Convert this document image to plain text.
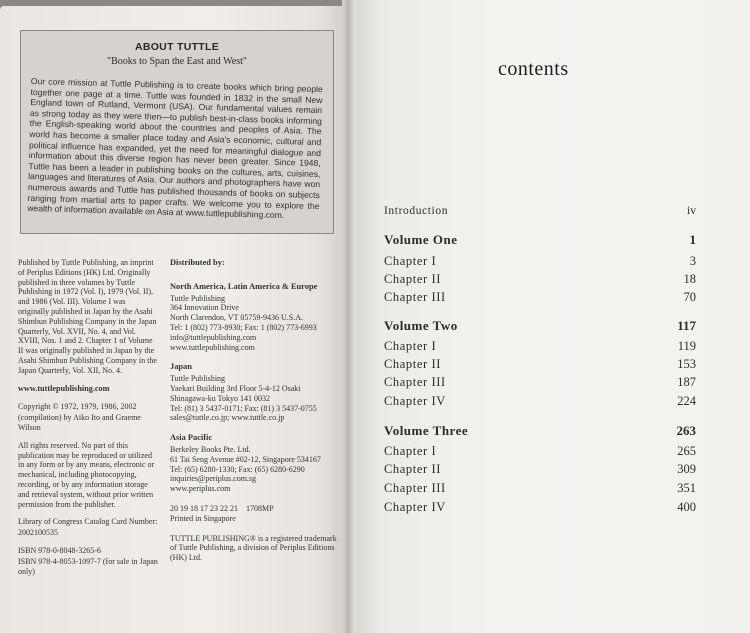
ABOUT TUTTLE
"Books to Span the East and West"
Our core mission at Tuttle Publishing is to create books which bring people together one page at a time. Tuttle was founded in 1832 in the small New England town of Rutland, Vermont (USA). Our fundamental values remain as strong today as they were then—to publish best-in-class books informing the English-speaking world about the countries and peoples of Asia. The world has become a smaller place today and Asia's economic, cultural and political influence has expanded, yet the need for meaningful dialogue and information about this diverse region has never been greater. Since 1948, Tuttle has been a leader in publishing books on the cultures, arts, cuisines, languages and literatures of Asia. Our authors and photographers have won numerous awards and Tuttle has published thousands of books on subjects ranging from martial arts to paper crafts. We welcome you to explore the wealth of information available on Asia at www.tuttlepublishing.com.

Published by Tuttle Publishing, an imprint of Periplus Editions (HK) Ltd. Originally published in three volumes by Tuttle Publishing in 1972 (Vol. I), 1979 (Vol. II), and 1986 (Vol. III). Volume I was originally published in Japan by the Asahi Shimbun Publishing Company in the Japan Quarterly, Vol. XVII, No. 4, and Vol. XVIII, Nos. 1 and 2. Chapter 1 of Volume II was originally published in Japan by the Asahi Shimbun Publishing Company in the Japan Quarterly, Vol. XII, No. 4.

www.tuttlepublishing.com

Copyright © 1972, 1979, 1986, 2002

(compilation) by Aiko Ito and Graeme Wilson

All rights reserved. No part of this publication may be reproduced or utilized in any form or by any means, electronic or mechanical, including photocopying, recording, or by any information storage and retrieval system, without prior written permission from the publisher.

Library of Congress Catalog Card Number:

2002100535

ISBN 978-0-8048-3265-6

ISBN 978-4-8053-1097-7 (for sale in Japan only)

Distributed by:
North America, Latin America & Europe
Tuttle Publishing
364 Innovation Drive
North Clarendon, VT 05759-9436 U.S.A.
Tel: 1 (802) 773-8930; Fax: 1 (802) 773-6993
info@tuttlepublishing.com
www.tuttlepublishing.com
Japan
Tuttle Publishing
Yaekari Building 3rd Floor 5-4-12 Osaki
Shinagawa-ku Tokyo 141 0032
Tel: (81) 3 5437-0171; Fax: (81) 3 5437-0755
sales@tuttle.co.jp; www.tuttle.co.jp
Asia Pacific
Berkeley Books Pte. Ltd.
61 Tai Seng Avenue #02-12, Singapore 534167
Tel: (65) 6280-1330; Fax: (65) 6280-6290
inquiries@periplus.com.sg
www.periplus.com
20 19 18 17 23 22 21 1708MP
Printed in Singapore
TUTTLE PUBLISHING® is a registered trademark of Tuttle Publishing, a division of Periplus Editions (HK) Ltd.
contents
Introduction	iv
Volume One	1
Chapter I	3
Chapter II	18
Chapter III	70
Volume Two	117
Chapter I	119
Chapter II	153
Chapter III	187
Chapter IV	224
Volume Three	263
Chapter I	265
Chapter II	309
Chapter III	351
Chapter IV	400
